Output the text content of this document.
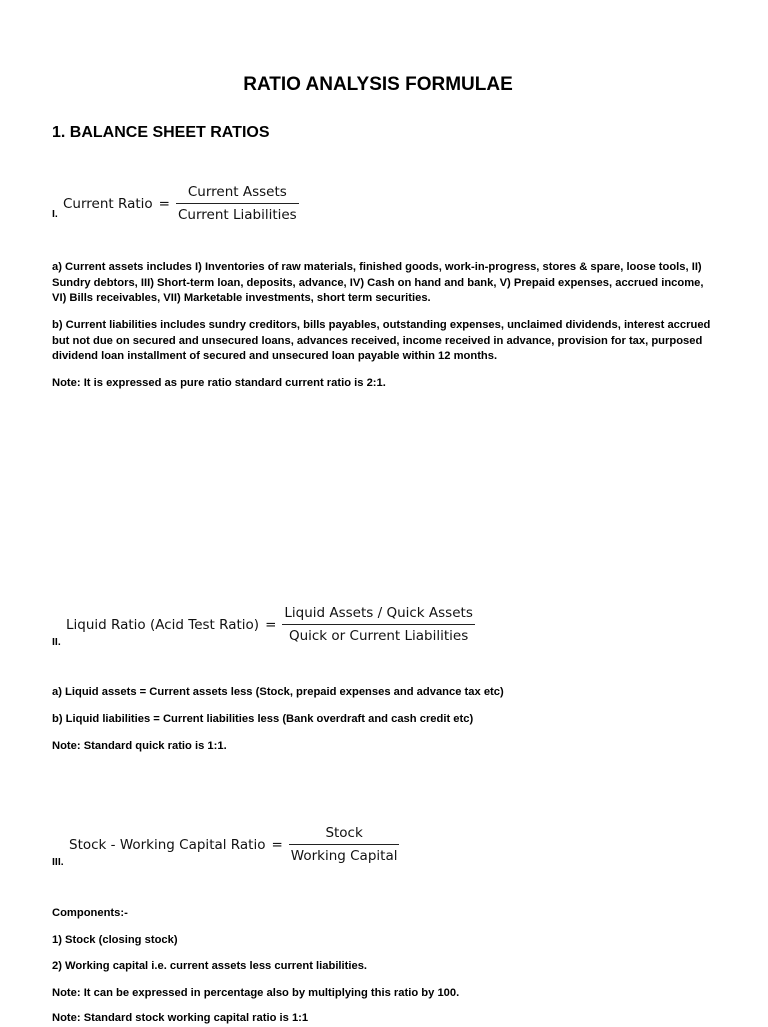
RATIO ANALYSIS FORMULAE
1. BALANCE SHEET RATIOS
I.
Current Ratio = $\frac{\text{Current Assets}}{\text{Current Liabilities}}$
a) Current assets includes I) Inventories of raw materials, finished goods, work-in-progress, stores & spare, loose tools, II) Sundry debtors, III) Short-term loan, deposits, advance, IV) Cash on hand and bank, V) Prepaid expenses, accrued income, VI) Bills receivables, VII) Marketable investments, short term securities.
b) Current liabilities includes sundry creditors, bills payables, outstanding expenses, unclaimed dividends, interest accrued but not due on secured and unsecured loans, advances received, income received in advance, provision for tax, purposed dividend loan installment of secured and unsecured loan payable within 12 months.
Note: It is expressed as pure ratio standard current ratio is 2:1.
II.
Liquid Ratio (Acid Test Ratio) = $\frac{\text{Liquid Assets / Quick Assets}}{\text{Quick or Current Liabilities}}$
a) Liquid assets = Current assets less (Stock, prepaid expenses and advance tax etc)
b) Liquid liabilities = Current liabilities less (Bank overdraft and cash credit etc)
Note: Standard quick ratio is 1:1.
III.
Stock - Working Capital Ratio = $\frac{\text{Stock}}{\text{Working Capital}}$
Components:-
1) Stock (closing stock)
2) Working capital i.e. current assets less current liabilities.
Note: It can be expressed in percentage also by multiplying this ratio by 100.
Note: Standard stock working capital ratio is 1:1
